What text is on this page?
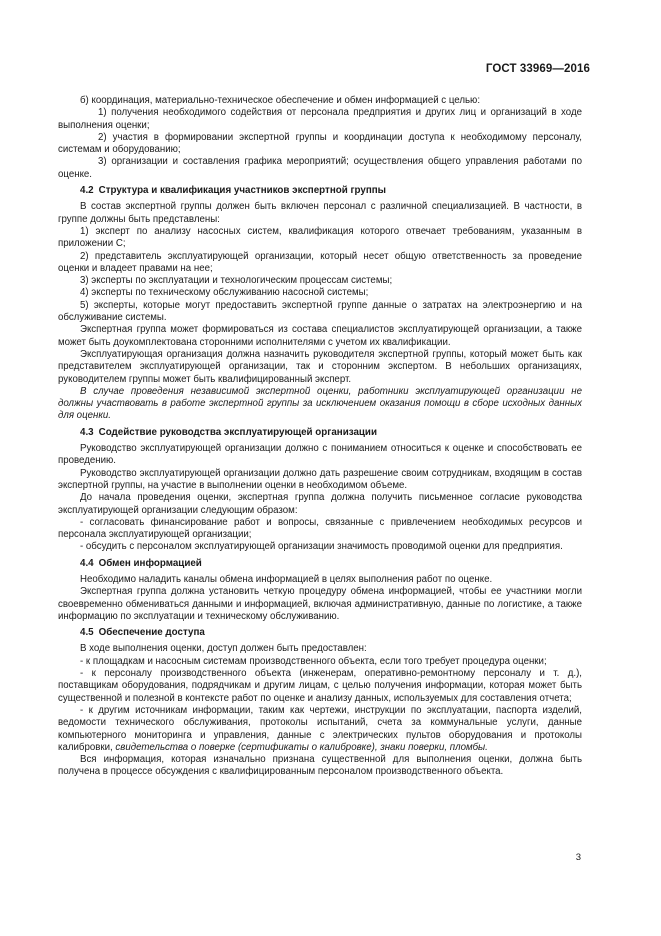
ГОСТ 33969—2016

б) координация, материально-техническое обеспечение и обмен информацией с целью:

1) получения необходимого содействия от персонала предприятия и других лиц и организаций в ходе выполнения оценки;

2) участия в формировании экспертной группы и координации доступа к необходимому персоналу, системам и оборудованию;

3) организации и составления графика мероприятий; осуществления общего управления работами по оценке.

4.2 Структура и квалификация участников экспертной группы

В состав экспертной группы должен быть включен персонал с различной специализацией. В частности, в группе должны быть представлены:

1) эксперт по анализу насосных систем, квалификация которого отвечает требованиям, указанным в приложении С;

2) представитель эксплуатирующей организации, который несет общую ответственность за проведение оценки и владеет правами на нее;

3) эксперты по эксплуатации и технологическим процессам системы;

4) эксперты по техническому обслуживанию насосной системы;

5) эксперты, которые могут предоставить экспертной группе данные о затратах на электроэнергию и на обслуживание системы.

Экспертная группа может формироваться из состава специалистов эксплуатирующей организации, а также может быть доукомплектована сторонними исполнителями с учетом их квалификации.

Эксплуатирующая организация должна назначить руководителя экспертной группы, который может быть как представителем эксплуатирующей организации, так и сторонним экспертом. В небольших организациях, руководителем группы может быть квалифицированный эксперт.

В случае проведения независимой экспертной оценки, работники эксплуатирующей организации не должны участвовать в работе экспертной группы за исключением оказания помощи в сборе исходных данных для оценки.

4.3 Содействие руководства эксплуатирующей организации

Руководство эксплуатирующей организации должно с пониманием относиться к оценке и способствовать ее проведению.

Руководство эксплуатирующей организации должно дать разрешение своим сотрудникам, входящим в состав экспертной группы, на участие в выполнении оценки в необходимом объеме.

До начала проведения оценки, экспертная группа должна получить письменное согласие руководства эксплуатирующей организации следующим образом:

- согласовать финансирование работ и вопросы, связанные с привлечением необходимых ресурсов и персонала эксплуатирующей организации;

- обсудить с персоналом эксплуатирующей организации значимость проводимой оценки для предприятия.

4.4 Обмен информацией

Необходимо наладить каналы обмена информацией в целях выполнения работ по оценке.

Экспертная группа должна установить четкую процедуру обмена информацией, чтобы ее участники могли своевременно обмениваться данными и информацией, включая административную, данные по логистике, а также информацию по эксплуатации и техническому обслуживанию.

4.5 Обеспечение доступа

В ходе выполнения оценки, доступ должен быть предоставлен:

- к площадкам и насосным системам производственного объекта, если того требует процедура оценки;

- к персоналу производственного объекта (инженерам, оперативно-ремонтному персоналу и т. д.), поставщикам оборудования, подрядчикам и другим лицам, с целью получения информации, которая может быть существенной и полезной в контексте работ по оценке и анализу данных, используемых для составления отчета;

- к другим источникам информации, таким как чертежи, инструкции по эксплуатации, паспорта изделий, ведомости технического обслуживания, протоколы испытаний, счета за коммунальные услуги, данные компьютерного мониторинга и управления, данные с электрических пультов оборудования и протоколы калибровки, свидетельства о поверке (сертификаты о калибровке), знаки поверки, пломбы.

Вся информация, которая изначально признана существенной для выполнения оценки, должна быть получена в процессе обсуждения с квалифицированным персоналом производственного объекта.

3
